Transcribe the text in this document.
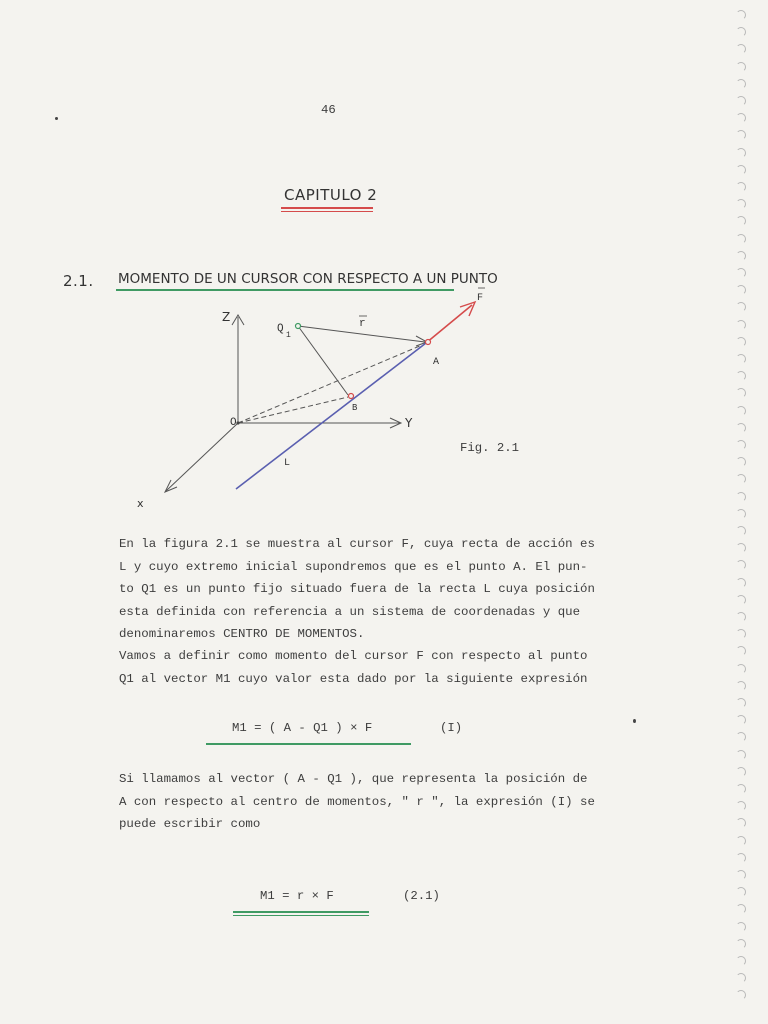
46
CAPITULO 2
2.1. MOMENTO DE UN CURSOR CON RESPECTO A UN PUNTO
Z
Y
x
O
Q
1
r
A
B
F
L
Fig. 2.1

En la figura 2.1 se muestra al cursor F, cuya recta de acción es

L y cuyo extremo inicial supondremos que es el punto A. El pun-

to Q1 es un punto fijo situado fuera de la recta L cuya posición

esta definida con referencia a un sistema de coordenadas y que

denominaremos CENTRO DE MOMENTOS.

Vamos a definir como momento del cursor F con respecto al punto

Q1 al vector M1 cuyo valor esta dado por la siguiente expresión

M1 = ( A - Q1 ) × F	(I)

Si llamamos al vector ( A - Q1 ), que representa la posición de

A con respecto al centro de momentos, " r ", la expresión (I) se

puede escribir como

M1 = r × F	(2.1)
